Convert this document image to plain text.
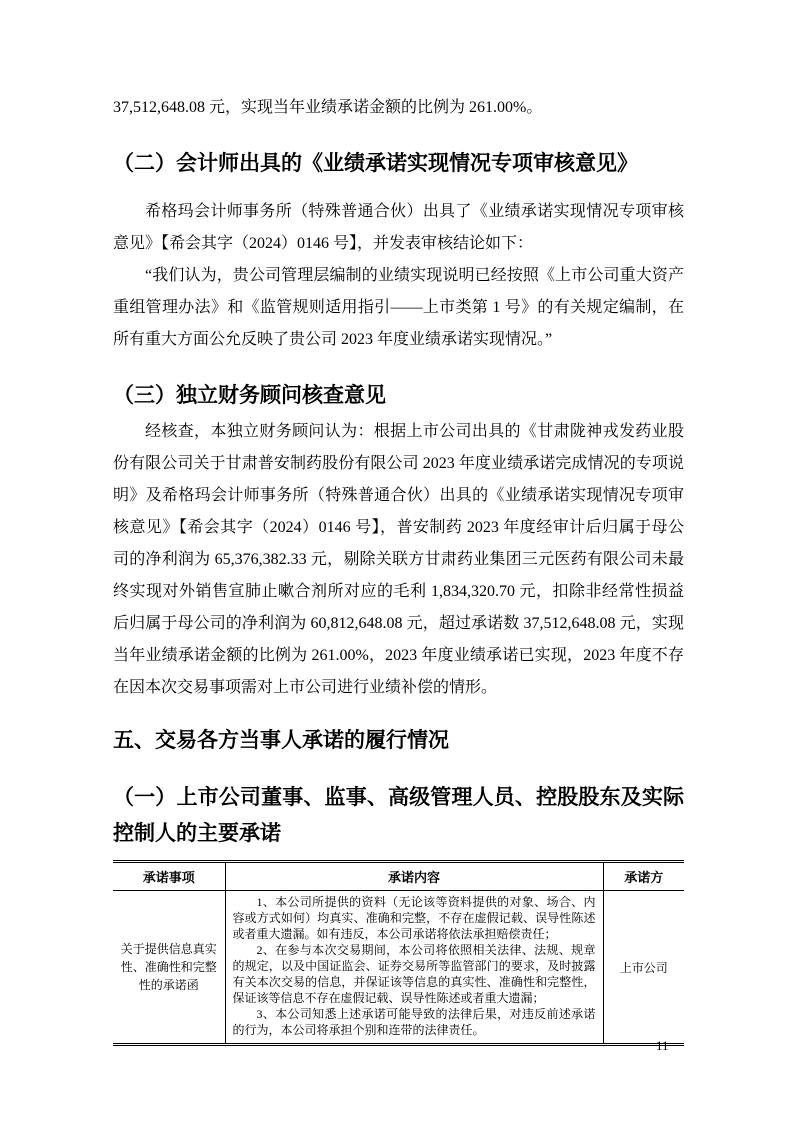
37,512,648.08 元，实现当年业绩承诺金额的比例为 261.00%。

（二）会计师出具的《业绩承诺实现情况专项审核意见》

希格玛会计师事务所（特殊普通合伙）出具了《业绩承诺实现情况专项审核意见》【希会其字（2024）0146 号】，并发表审核结论如下：

“我们认为，贵公司管理层编制的业绩实现说明已经按照《上市公司重大资产重组管理办法》和《监管规则适用指引——上市类第 1 号》的有关规定编制，在所有重大方面公允反映了贵公司 2023 年度业绩承诺实现情况。”

（三）独立财务顾问核查意见

经核查，本独立财务顾问认为：根据上市公司出具的《甘肃陇神戎发药业股份有限公司关于甘肃普安制药股份有限公司 2023 年度业绩承诺完成情况的专项说明》及希格玛会计师事务所（特殊普通合伙）出具的《业绩承诺实现情况专项审核意见》【希会其字（2024）0146 号】，普安制药 2023 年度经审计后归属于母公司的净利润为 65,376,382.33 元，剔除关联方甘肃药业集团三元医药有限公司未最终实现对外销售宣肺止嗽合剂所对应的毛利 1,834,320.70 元，扣除非经常性损益后归属于母公司的净利润为 60,812,648.08 元，超过承诺数 37,512,648.08 元，实现当年业绩承诺金额的比例为 261.00%，2023 年度业绩承诺已实现，2023 年度不存在因本次交易事项需对上市公司进行业绩补偿的情形。

五、交易各方当事人承诺的履行情况
（一）上市公司董事、监事、高级管理人员、控股股东及实际控制人的主要承诺
承诺事项	承诺内容	承诺方
关于提供信息真实性、准确性和完整性的承诺函	1、本公司所提供的资料（无论该等资料提供的对象、场合、内容或方式如何）均真实、准确和完整，不存在虚假记载、误导性陈述或者重大遗漏。如有违反，本公司承诺将依法承担赔偿责任；

2、在参与本次交易期间，本公司将依照相关法律、法规、规章的规定，以及中国证监会、证券交易所等监管部门的要求，及时披露有关本次交易的信息，并保证该等信息的真实性、准确性和完整性，保证该等信息不存在虚假记载、误导性陈述或者重大遗漏；

3、本公司知悉上述承诺可能导致的法律后果，对违反前述承诺的行为，本公司将承担个别和连带的法律责任。	上市公司
11
